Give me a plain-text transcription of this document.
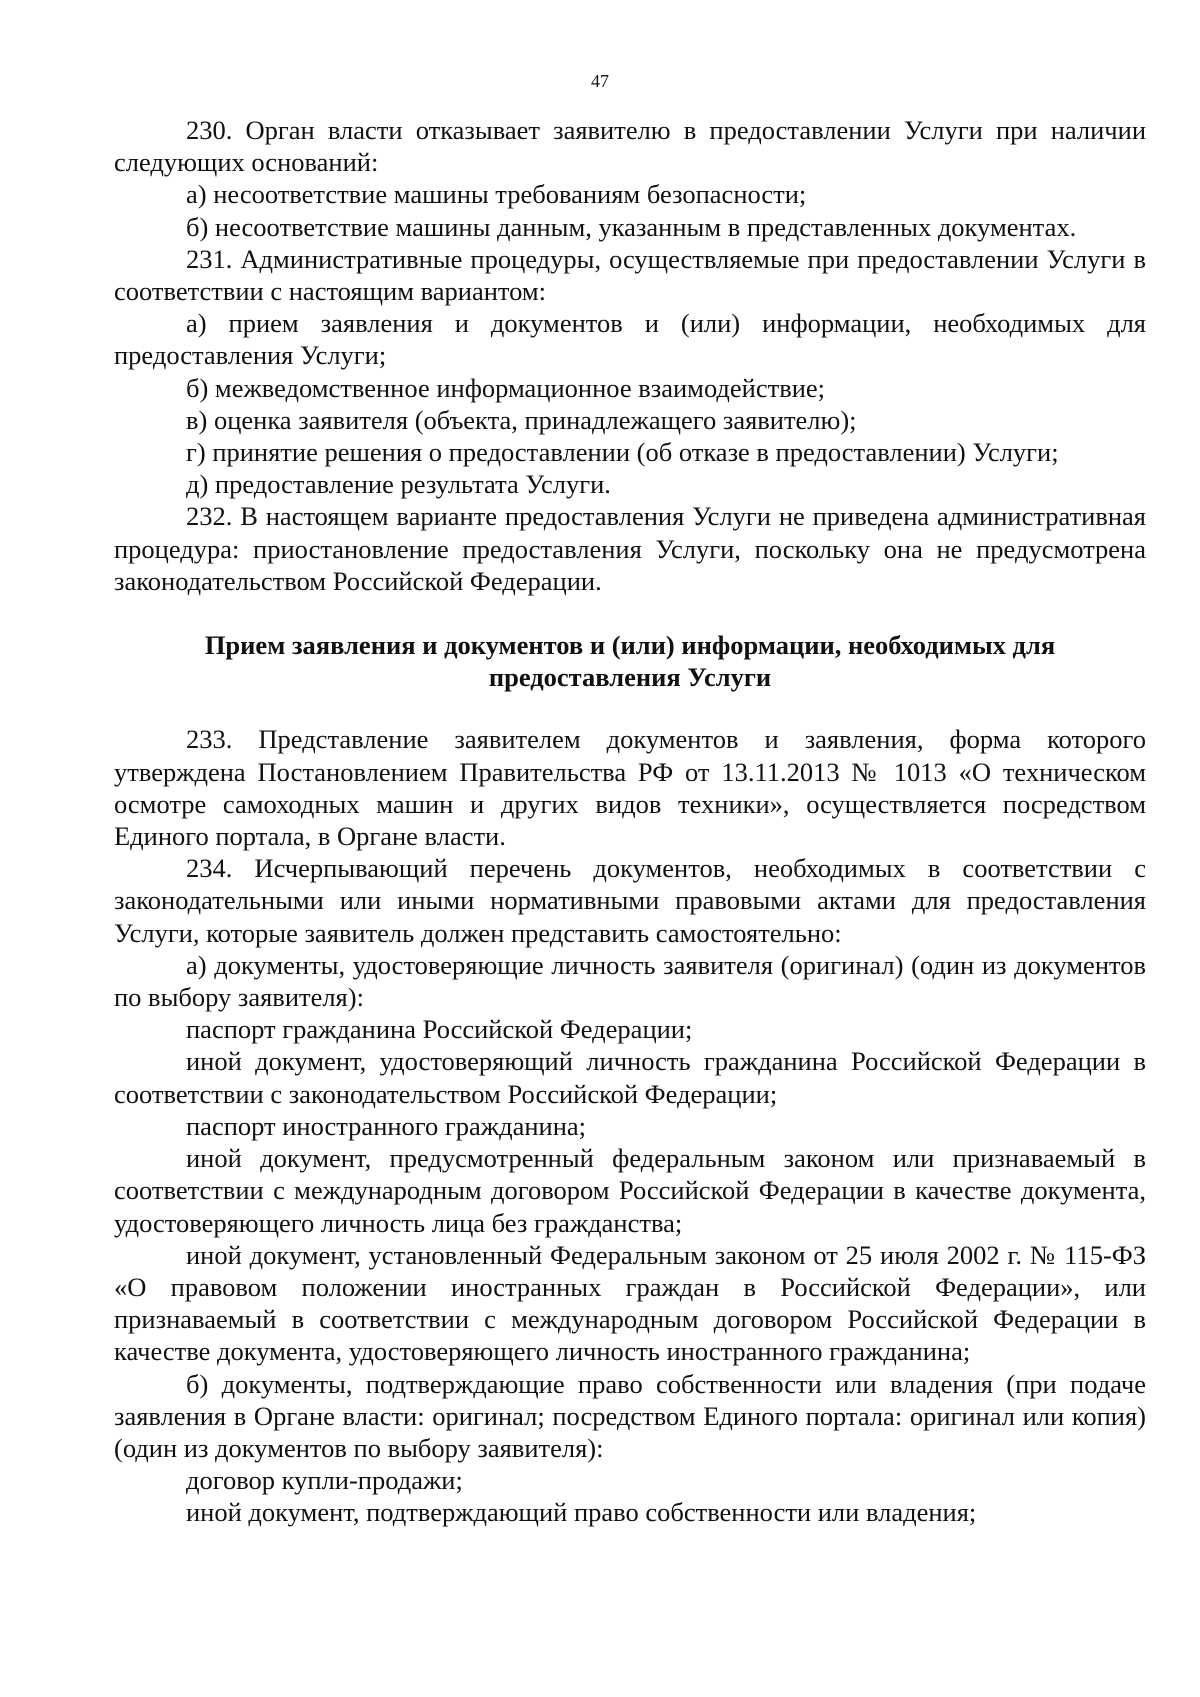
47

230. Орган власти отказывает заявителю в предоставлении Услуги при наличии следующих оснований:

а) несоответствие машины требованиям безопасности;

б) несоответствие машины данным, указанным в представленных документах.

231. Административные процедуры, осуществляемые при предоставлении Услуги в соответствии с настоящим вариантом:

а) прием заявления и документов и (или) информации, необходимых для предоставления Услуги;

б) межведомственное информационное взаимодействие;

в) оценка заявителя (объекта, принадлежащего заявителю);

г) принятие решения о предоставлении (об отказе в предоставлении) Услуги;

д) предоставление результата Услуги.

232. В настоящем варианте предоставления Услуги не приведена административная процедура: приостановление предоставления Услуги, поскольку она не предусмотрена законодательством Российской Федерации.

Прием заявления и документов и (или) информации, необходимых для предоставления Услуги

233. Представление заявителем документов и заявления, форма которого утверждена Постановлением Правительства РФ от 13.11.2013 № 1013 «О техническом осмотре самоходных машин и других видов техники», осуществляется посредством Единого портала, в Органе власти.

234. Исчерпывающий перечень документов, необходимых в соответствии с законодательными или иными нормативными правовыми актами для предоставления Услуги, которые заявитель должен представить самостоятельно:

а) документы, удостоверяющие личность заявителя (оригинал) (один из документов по выбору заявителя):

паспорт гражданина Российской Федерации;

иной документ, удостоверяющий личность гражданина Российской Федерации в соответствии с законодательством Российской Федерации;

паспорт иностранного гражданина;

иной документ, предусмотренный федеральным законом или признаваемый в соответствии с международным договором Российской Федерации в качестве документа, удостоверяющего личность лица без гражданства;

иной документ, установленный Федеральным законом от 25 июля 2002 г. № 115-ФЗ «О правовом положении иностранных граждан в Российской Федерации», или признаваемый в соответствии с международным договором Российской Федерации в качестве документа, удостоверяющего личность иностранного гражданина;

б) документы, подтверждающие право собственности или владения (при подаче заявления в Органе власти: оригинал; посредством Единого портала: оригинал или копия) (один из документов по выбору заявителя):

договор купли-продажи;

иной документ, подтверждающий право собственности или владения;
